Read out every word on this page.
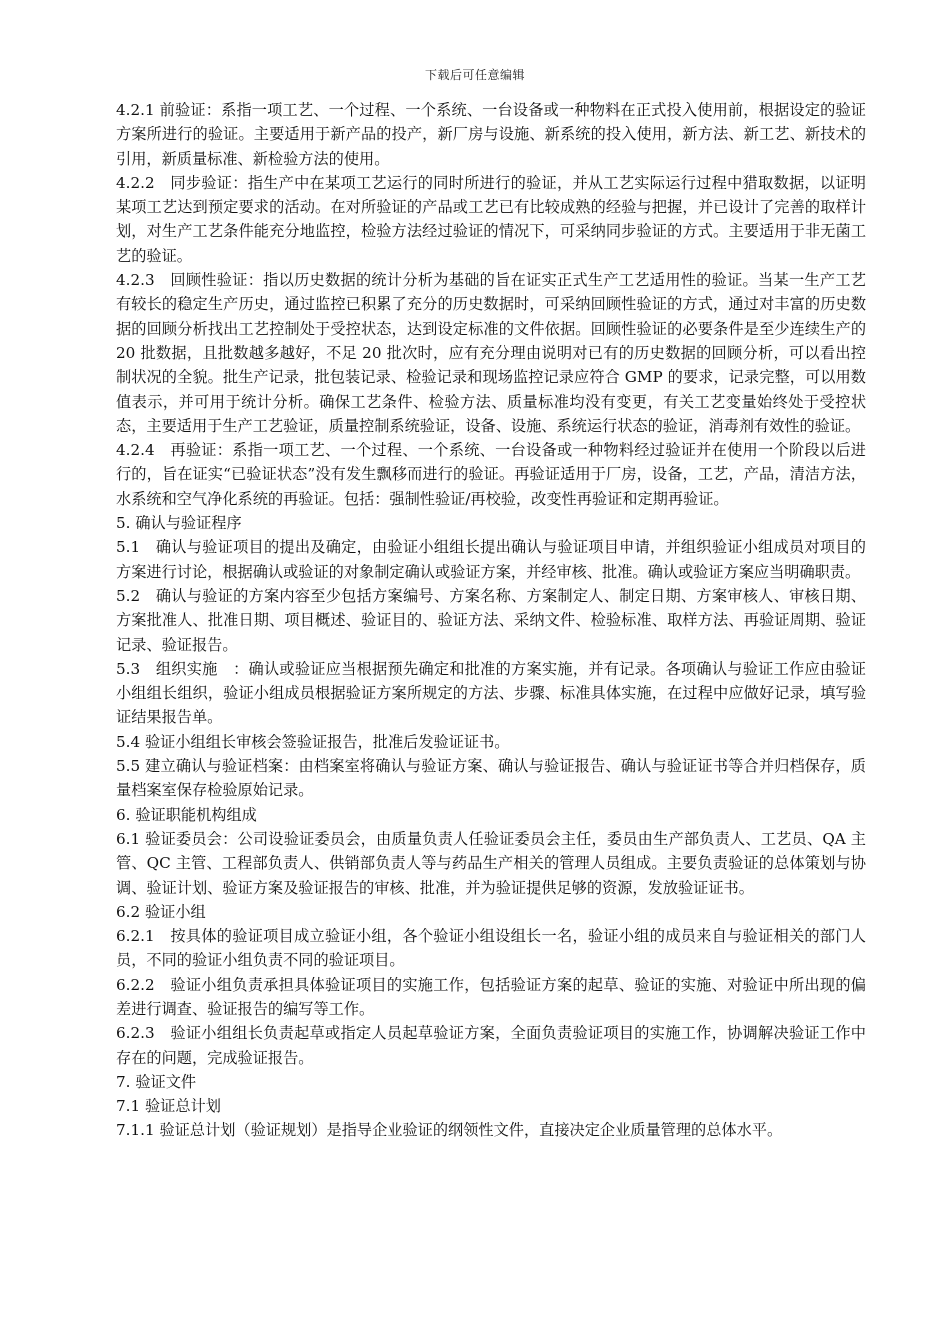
下载后可任意编辑

4.2.1 前验证：系指一项工艺、一个过程、一个系统、一台设备或一种物料在正式投入使用前，根据设定的验证方案所进行的验证。主要适用于新产品的投产，新厂房与设施、新系统的投入使用，新方法、新工艺、新技术的引用，新质量标准、新检验方法的使用。

4.2.2　同步验证：指生产中在某项工艺运行的同时所进行的验证，并从工艺实际运行过程中猎取数据，以证明某项工艺达到预定要求的活动。在对所验证的产品或工艺已有比较成熟的经验与把握，并已设计了完善的取样计划，对生产工艺条件能充分地监控，检验方法经过验证的情况下，可采纳同步验证的方式。主要适用于非无菌工艺的验证。

4.2.3　回顾性验证：指以历史数据的统计分析为基础的旨在证实正式生产工艺适用性的验证。当某一生产工艺有较长的稳定生产历史，通过监控已积累了充分的历史数据时，可采纳回顾性验证的方式，通过对丰富的历史数据的回顾分析找出工艺控制处于受控状态，达到设定标准的文件依据。回顾性验证的必要条件是至少连续生产的 20 批数据，且批数越多越好，不足 20 批次时，应有充分理由说明对已有的历史数据的回顾分析，可以看出控制状况的全貌。批生产记录，批包装记录、检验记录和现场监控记录应符合 GMP 的要求，记录完整，可以用数值表示，并可用于统计分析。确保工艺条件、检验方法、质量标准均没有变更，有关工艺变量始终处于受控状态，主要适用于生产工艺验证，质量控制系统验证，设备、设施、系统运行状态的验证，消毒剂有效性的验证。

4.2.4　再验证：系指一项工艺、一个过程、一个系统、一台设备或一种物料经过验证并在使用一个阶段以后进行的，旨在证实“已验证状态”没有发生飘移而进行的验证。再验证适用于厂房，设备，工艺，产品，清洁方法，水系统和空气净化系统的再验证。包括：强制性验证/再校验，改变性再验证和定期再验证。

5. 确认与验证程序

5.1　确认与验证项目的提出及确定，由验证小组组长提出确认与验证项目申请，并组织验证小组成员对项目的方案进行讨论，根据确认或验证的对象制定确认或验证方案，并经审核、批准。确认或验证方案应当明确职责。

5.2　确认与验证的方案内容至少包括方案编号、方案名称、方案制定人、制定日期、方案审核人、审核日期、方案批准人、批准日期、项目概述、验证目的、验证方法、采纳文件、检验标准、取样方法、再验证周期、验证记录、验证报告。

5.3　组织实施　：确认或验证应当根据预先确定和批准的方案实施，并有记录。各项确认与验证工作应由验证小组组长组织，验证小组成员根据验证方案所规定的方法、步骤、标准具体实施，在过程中应做好记录，填写验证结果报告单。

5.4 验证小组组长审核会签验证报告，批准后发验证证书。

5.5 建立确认与验证档案：由档案室将确认与验证方案、确认与验证报告、确认与验证证书等合并归档保存，质量档案室保存检验原始记录。

6. 验证职能机构组成

6.1 验证委员会：公司设验证委员会，由质量负责人任验证委员会主任，委员由生产部负责人、工艺员、QA 主管、QC 主管、工程部负责人、供销部负责人等与药品生产相关的管理人员组成。主要负责验证的总体策划与协调、验证计划、验证方案及验证报告的审核、批准，并为验证提供足够的资源，发放验证证书。

6.2 验证小组

6.2.1　按具体的验证项目成立验证小组，各个验证小组设组长一名，验证小组的成员来自与验证相关的部门人员，不同的验证小组负责不同的验证项目。

6.2.2　验证小组负责承担具体验证项目的实施工作，包括验证方案的起草、验证的实施、对验证中所出现的偏差进行调查、验证报告的编写等工作。

6.2.3　验证小组组长负责起草或指定人员起草验证方案，全面负责验证项目的实施工作，协调解决验证工作中存在的问题，完成验证报告。

7. 验证文件

7.1 验证总计划

7.1.1 验证总计划（验证规划）是指导企业验证的纲领性文件，直接决定企业质量管理的总体水平。
